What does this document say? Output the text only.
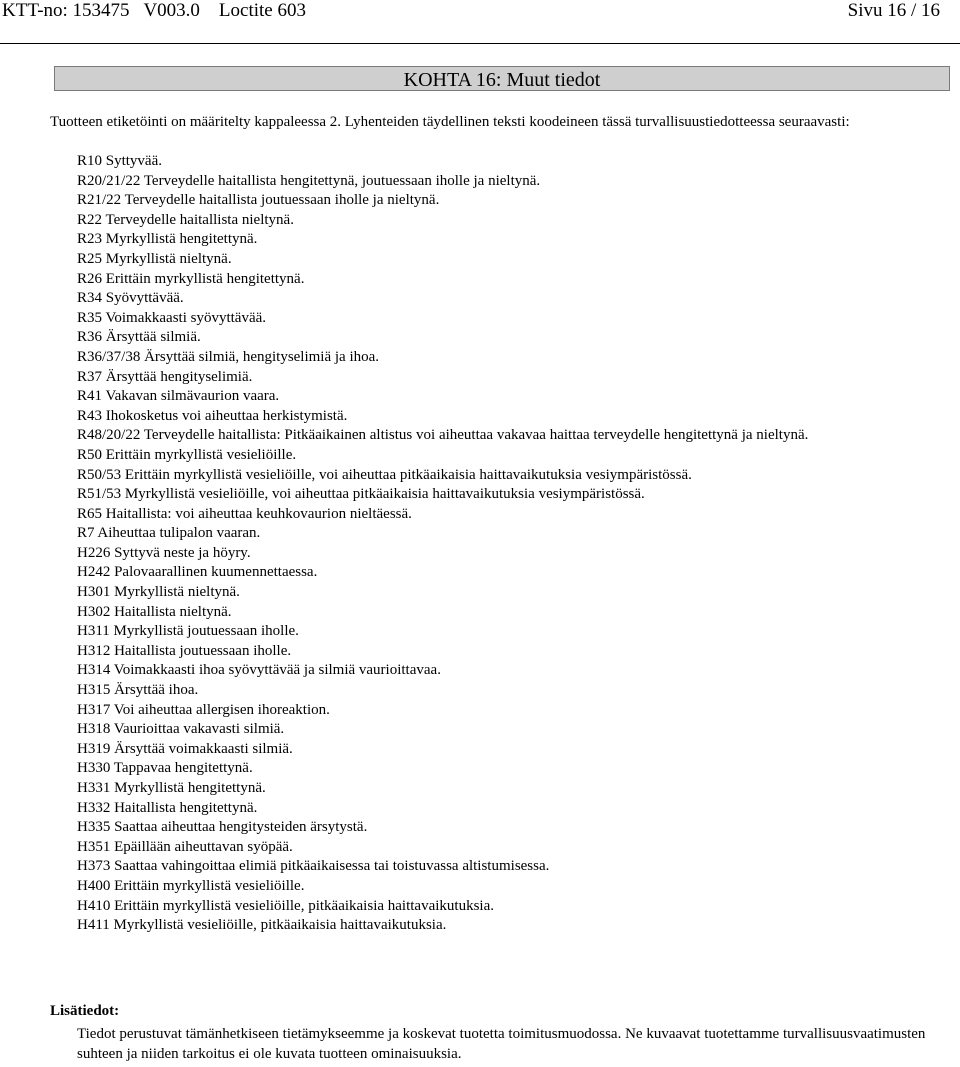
KTT-no: 153475   V003.0    Loctite 603	Sivu 16 / 16
KOHTA 16: Muut tiedot
Tuotteen etiketöinti on määritelty kappaleessa 2. Lyhenteiden täydellinen teksti koodeineen tässä turvallisuustiedotteessa seuraavasti:
R10 Syttyvää.
R20/21/22 Terveydelle haitallista hengitettynä, joutuessaan iholle ja nieltynä.
R21/22 Terveydelle haitallista joutuessaan iholle ja nieltynä.
R22 Terveydelle haitallista nieltynä.
R23 Myrkyllistä hengitettynä.
R25 Myrkyllistä nieltynä.
R26 Erittäin myrkyllistä hengitettynä.
R34 Syövyttävää.
R35 Voimakkaasti syövyttävää.
R36 Ärsyttää silmiä.
R36/37/38 Ärsyttää silmiä, hengityselimiä ja ihoa.
R37 Ärsyttää hengityselimiä.
R41 Vakavan silmävaurion vaara.
R43 Ihokosketus voi aiheuttaa herkistymistä.
R48/20/22 Terveydelle haitallista: Pitkäaikainen altistus voi aiheuttaa vakavaa haittaa terveydelle hengitettynä ja nieltynä.
R50 Erittäin myrkyllistä vesieliöille.
R50/53 Erittäin myrkyllistä vesieliöille, voi aiheuttaa pitkäaikaisia haittavaikutuksia vesiympäristössä.
R51/53 Myrkyllistä vesieliöille, voi aiheuttaa pitkäaikaisia haittavaikutuksia vesiympäristössä.
R65 Haitallista: voi aiheuttaa keuhkovaurion nieltäessä.
R7 Aiheuttaa tulipalon vaaran.
H226 Syttyvä neste ja höyry.
H242 Palovaarallinen kuumennettaessa.
H301 Myrkyllistä nieltynä.
H302 Haitallista nieltynä.
H311 Myrkyllistä joutuessaan iholle.
H312 Haitallista joutuessaan iholle.
H314 Voimakkaasti ihoa syövyttävää ja silmiä vaurioittavaa.
H315 Ärsyttää ihoa.
H317 Voi aiheuttaa allergisen ihoreaktion.
H318 Vaurioittaa vakavasti silmiä.
H319 Ärsyttää voimakkaasti silmiä.
H330 Tappavaa hengitettynä.
H331 Myrkyllistä hengitettynä.
H332 Haitallista hengitettynä.
H335 Saattaa aiheuttaa hengitysteiden ärsytystä.
H351 Epäillään aiheuttavan syöpää.
H373 Saattaa vahingoittaa elimiä pitkäaikaisessa tai toistuvassa altistumisessa.
H400 Erittäin myrkyllistä vesieliöille.
H410 Erittäin myrkyllistä vesieliöille, pitkäaikaisia haittavaikutuksia.
H411 Myrkyllistä vesieliöille, pitkäaikaisia haittavaikutuksia.
Lisätiedot:
Tiedot perustuvat tämänhetkiseen tietämykseemme ja koskevat tuotetta toimitusmuodossa. Ne kuvaavat tuotettamme turvallisuusvaatimusten suhteen ja niiden tarkoitus ei ole kuvata tuotteen ominaisuuksia.
